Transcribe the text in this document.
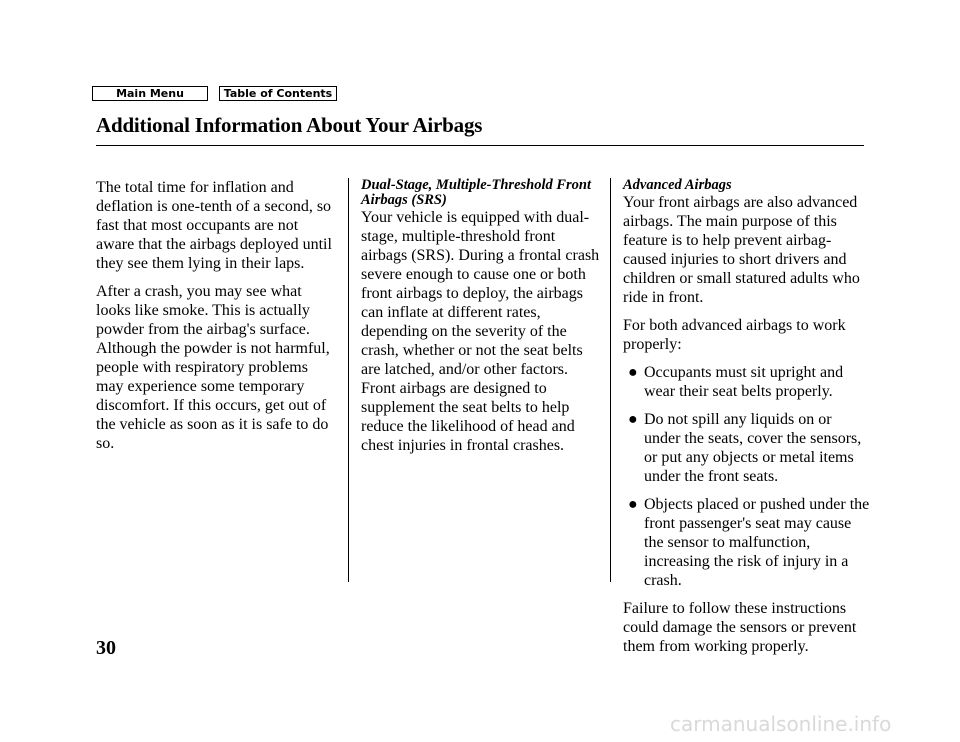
Main Menu	Table of Contents
Additional Information About Your Airbags

The total time for inflation and deflation is one-tenth of a second, so fast that most occupants are not aware that the airbags deployed until they see them lying in their laps.

After a crash, you may see what looks like smoke. This is actually powder from the airbag's surface. Although the powder is not harmful, people with respiratory problems may experience some temporary discomfort. If this occurs, get out of the vehicle as soon as it is safe to do so.

Dual-Stage, Multiple-Threshold Front Airbags (SRS)

Your vehicle is equipped with dual-stage, multiple-threshold front airbags (SRS). During a frontal crash severe enough to cause one or both front airbags to deploy, the airbags can inflate at different rates, depending on the severity of the crash, whether or not the seat belts are latched, and/or other factors. Front airbags are designed to supplement the seat belts to help reduce the likelihood of head and chest injuries in frontal crashes.

Advanced Airbags

Your front airbags are also advanced airbags. The main purpose of this feature is to help prevent airbag-caused injuries to short drivers and children or small statured adults who ride in front.

For both advanced airbags to work properly:

● Occupants must sit upright and wear their seat belts properly.
● Do not spill any liquids on or under the seats, cover the sensors, or put any objects or metal items under the front seats.
● Objects placed or pushed under the front passenger's seat may cause the sensor to malfunction, increasing the risk of injury in a crash.

Failure to follow these instructions could damage the sensors or prevent them from working properly.

30
carmanualsonline.info
